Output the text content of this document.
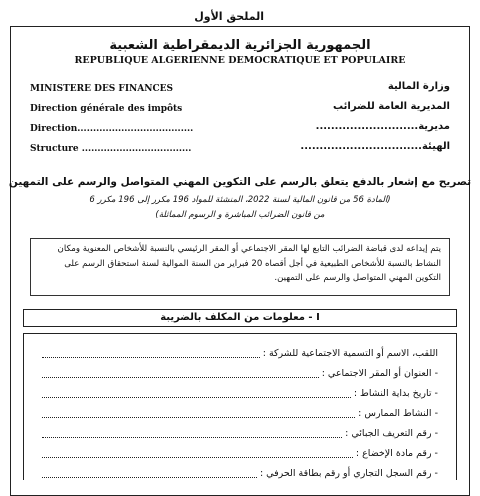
الملحق الأول
الجمهورية الجزائرية الديمقراطية الشعبية
REPUBLIQUE ALGERIENNE DEMOCRATIQUE ET POPULAIRE
MINISTERE DES FINANCES	وزارة المالية
Direction générale des impôts	المديرية العامة للضرائب
Direction.....................................	مديرية...........................
Structure ...................................	الهيئة................................
تصريح مع إشعار بالدفع يتعلق بالرسم على التكوين المهني المتواصل والرسم على التمهين
(المادة 56 من قانون المالية لسنة 2022، المنشئة للمواد 196 مكرر إلى 196 مكرر 6
من قانون الضرائب المباشرة و الرسوم المماثلة)
يتم إيداعه لدى قباضة الضرائب التابع لها المقر الاجتماعي أو المقر الرئيسي بالنسبة للأشخاص المعنوية ومكان النشاط بالنسبة للأشخاص الطبيعية في أجل أقصاه 20 فبراير من السنة الموالية لسنة استحقاق الرسم على التكوين المهني المتواصل والرسم على التمهين.
I - معلومات من المكلف بالضريبة
اللقب، الاسم أو التسمية الاجتماعية للشركة :
- العنوان أو المقر الاجتماعي :
- تاريخ بداية النشاط :
- النشاط الممارس :
- رقم التعريف الجبائي :
- رقم مادة الإخضاع :
- رقم السجل التجاري أو رقم بطاقة الحرفي :
